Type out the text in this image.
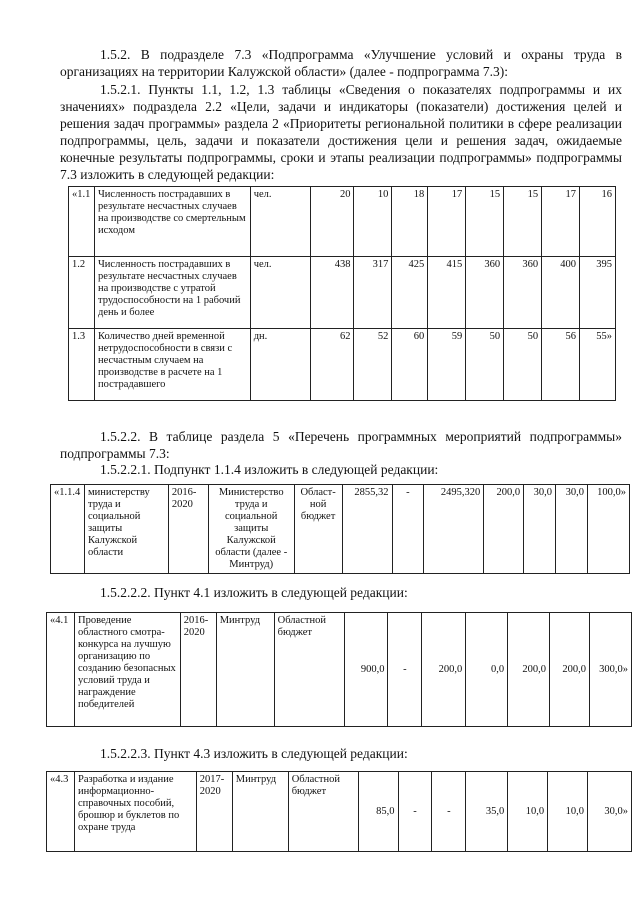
1.5.2. В подразделе 7.3 «Подпрограмма «Улучшение условий и охраны труда в организациях на территории Калужской области» (далее - подпрограмма 7.3):

1.5.2.1. Пункты 1.1, 1.2, 1.3 таблицы «Сведения о показателях подпрограммы и их значениях» подраздела 2.2 «Цели, задачи и индикаторы (показатели) достижения целей и решения задач программы» раздела 2 «Приоритеты региональной политики в сфере реализации подпрограммы, цель, задачи и показатели достижения цели и решения задач, ожидаемые конечные результаты подпрограммы, сроки и этапы реализации подпрограммы» подпрограммы 7.3 изложить в следующей редакции:

«1.1	Численность пострадавших в результате несчастных случаев на производстве со смертельным исходом	чел.	20	10	18	17	15	15	17	16
1.2	Численность пострадавших в результате несчастных случаев на производстве с утратой трудоспособности на 1 рабочий день и более	чел.	438	317	425	415	360	360	400	395
1.3	Количество дней временной нетрудоспособности в связи с несчастным случаем на производстве в расчете на 1 пострадавшего	дн.	62	52	60	59	50	50	56	55»

1.5.2.2. В таблице раздела 5 «Перечень программных мероприятий подпрограммы» подпрограммы 7.3:

1.5.2.2.1. Подпункт 1.1.4 изложить в следующей редакции:

«1.1.4	министерству труда и социальной защиты Калужской области	2016-2020	Министерство труда и социальной защиты Калужской области (далее - Минтруд)	Област-ной бюджет	2855,32	-	2495,320	200,0	30,0	30,0	100,0»

1.5.2.2.2. Пункт 4.1 изложить в следующей редакции:

«4.1	Проведение областного смотра-конкурса на лучшую организацию по созданию безопасных условий труда и награждение победителей	2016-2020	Минтруд	Областной бюджет	900,0	-	200,0	0,0	200,0	200,0	300,0»

1.5.2.2.3. Пункт 4.3 изложить в следующей редакции:

«4.3	Разработка и издание информационно-справочных пособий, брошюр и буклетов по охране труда	2017-2020	Минтруд	Областной бюджет	85,0	-	-	35,0	10,0	10,0	30,0»
